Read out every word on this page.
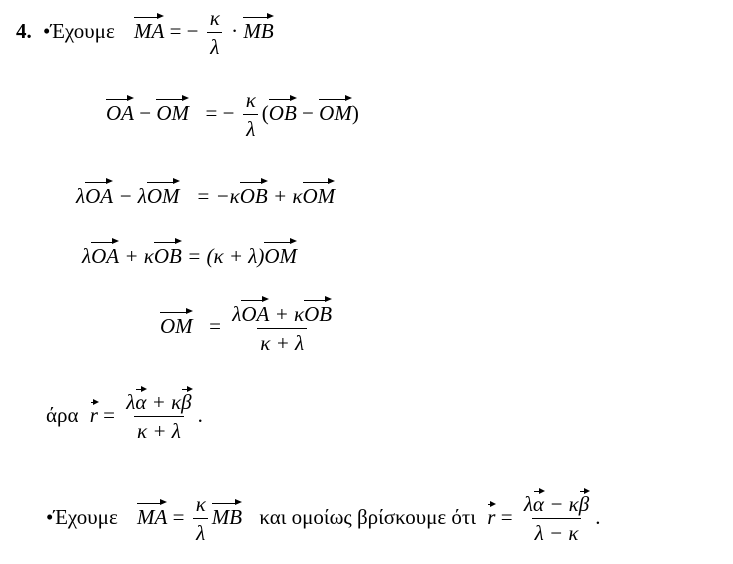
4. •Έχουμε MA = − $\frac{\kappa}{\lambda}$ · MB
OA − OM = − $\frac{\kappa}{\lambda} (OB - OM)$
λOA − λOM = −κOB + κOM
λOA + κOB = (κ + λ)OM
OM = $\frac{\text{λOA + κOB}}{\kappa + \lambda}$
άρα $r = \frac{\lambda\alpha + \kappa\beta}{\kappa + \lambda}$ .
•Έχουμε MA = $\frac{\kappa}{\lambda}$ MB και ομοίως βρίσκουμε ότι $r = \frac{\lambda\alpha - \kappa\beta}{\lambda - \kappa}$ .
